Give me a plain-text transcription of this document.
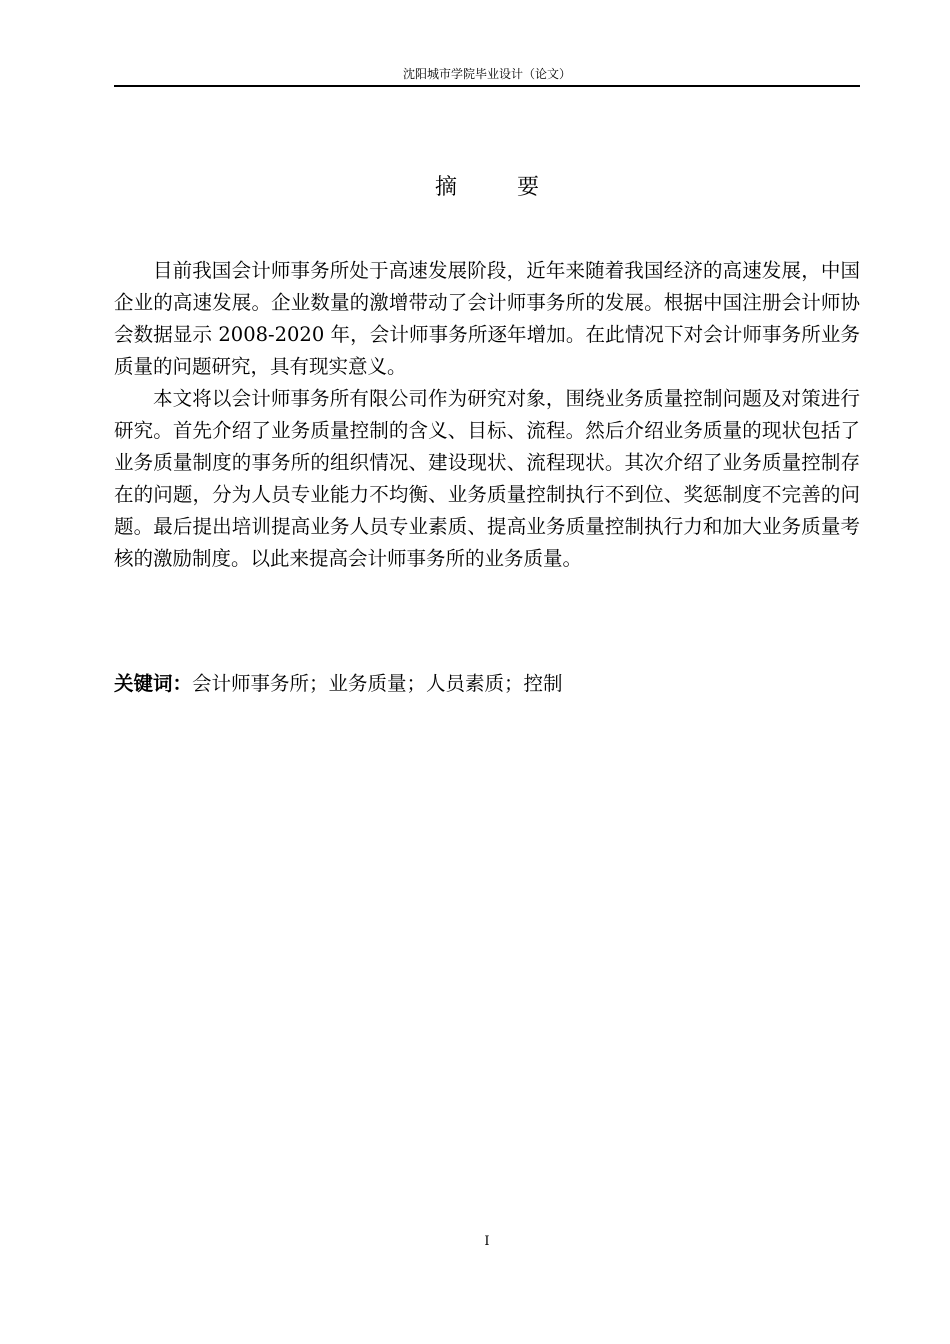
沈阳城市学院毕业设计（论文）
摘	要

目前我国会计师事务所处于高速发展阶段，近年来随着我国经济的高速发展，中国企业的高速发展。企业数量的激增带动了会计师事务所的发展。根据中国注册会计师协会数据显示 2008-2020 年，会计师事务所逐年增加。在此情况下对会计师事务所业务质量的问题研究，具有现实意义。

本文将以会计师事务所有限公司作为研究对象，围绕业务质量控制问题及对策进行研究。首先介绍了业务质量控制的含义、目标、流程。然后介绍业务质量的现状包括了业务质量制度的事务所的组织情况、建设现状、流程现状。其次介绍了业务质量控制存在的问题，分为人员专业能力不均衡、业务质量控制执行不到位、奖惩制度不完善的问题。最后提出培训提高业务人员专业素质、提高业务质量控制执行力和加大业务质量考核的激励制度。以此来提高会计师事务所的业务质量。

关键词：会计师事务所；业务质量；人员素质；控制
I
